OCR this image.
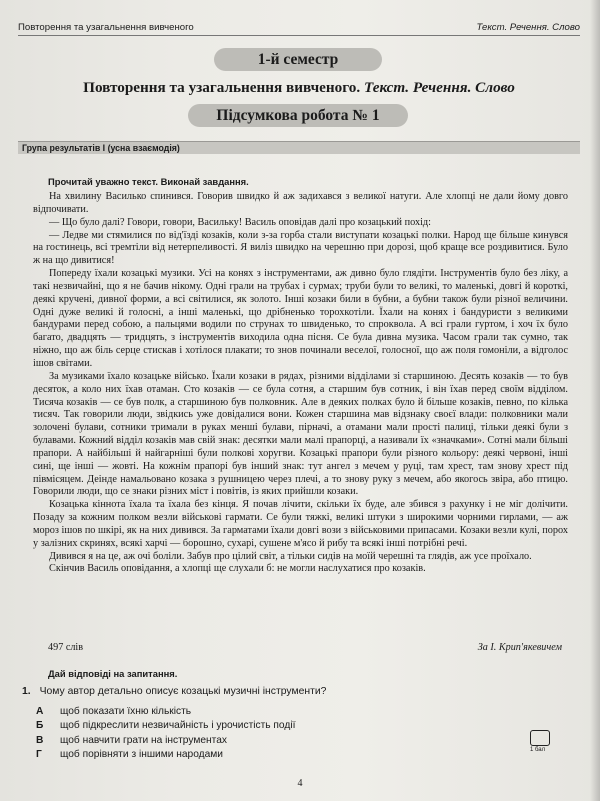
Повторення та узагальнення вивченого	Текст. Речення. Слово
1-й семестр
Повторення та узагальнення вивченого. Текст. Речення. Слово
Підсумкова робота № 1
Група результатів І (усна взаємодія)
Прочитай уважно текст. Виконай завдання.

На хвилину Василько спинився. Говорив швидко й аж задихався з великої натуги. Але хлопці не дали йому довго відпочивати.

— Що було далі? Говори, говори, Васильку! Василь оповідав далі про козацький похід:

— Ледве ми стямилися по від'їзді козаків, коли з-за горба стали виступати козацькі полки. Народ ще більше кинувся на гостинець, всі тремтіли від нетерпеливості. Я виліз швидко на черешню при дорозі, щоб краще все роздивитися. Було ж на що дивитися!

Попереду їхали козацькі музики. Усі на конях з інструментами, аж дивно було глядіти. Інструментів було без ліку, а такі незвичайні, що я не бачив нікому. Одні грали на трубах і сурмах; труби були то великі, то маленькі, довгі й короткі, деякі кручені, дивної форми, а всі світилися, як золото. Інші козаки били в бубни, а бубни також були різної величини. Одні дуже великі й голосні, а інші маленькі, що дрібненько торохкотіли. Їхали на конях і бандуристи з великими бандурами перед собою, а пальцями водили по струнах то швиденько, то спроквола. А всі грали гуртом, і хоч їх було багато, двадцять — тридцять, з інструментів виходила одна пісня. Се була дивна музика. Часом грали так сумно, так ніжно, що аж біль серце стискав і хотілося плакати; то знов починали веселої, голосної, що аж поля гомоніли, а відголос ішов світами.

За музиками їхало козацьке військо. Їхали козаки в рядах, різними відділами зі старшиною. Десять козаків — то був десяток, а коло них їхав отаман. Сто козаків — се була сотня, а старшим був сотник, і він їхав перед своїм відділом. Тисяча козаків — се був полк, а старшиною був полковник. Але в деяких полках було й більше козаків, певно, по кілька тисяч. Так говорили люди, звідкись уже довідалися вони. Кожен старшина мав відзнаку своєї влади: полковники мали золочені булави, сотники тримали в руках менші булави, пірначі, а отамани мали прості палиці, тільки деякі були з булавами. Кожний відділ козаків мав свій знак: десятки мали малі прапорці, а називали їх «значками». Сотні мали більші прапори. А найбільші й найгарніші були полкові хоругви. Козацькі прапори були різного кольору: деякі червоні, інші сині, ще інші — жовті. На кожнім прапорі був інший знак: тут ангел з мечем у руці, там хрест, там знову хрест під півмісяцем. Деінде намальовано козака з рушницею через плечі, а то знову руку з мечем, або якогось звіра, або птицю. Говорили люди, що се знаки різних міст і повітів, із яких прийшли козаки.

Козацька кіннота їхала та їхала без кінця. Я почав лічити, скільки їх буде, але збився з рахунку і не міг долічити. Позаду за кожним полком везли військові гармати. Се були тяжкі, великі штуки з широкими чорними гирлами, — аж мороз ішов по шкірі, як на них дивився. За гарматами їхали довгі вози з військовими припасами. Козаки везли кулі, порох у залізних скринях, всякі харчі — борошно, сухарі, сушене м'ясо й рибу та всякі інші потрібні речі.

Дивився я на це, аж очі боліли. Забув про цілий світ, а тільки сидів на моїй черешні та глядів, аж усе проїхало.

Скінчив Василь оповідання, а хлопці ще слухали б: не могли наслухатися про козаків.

497 слів	За І. Крип'якевичем
Дай відповіді на запитання.
1. Чому автор детально описує козацькі музичні інструменти?
А щоб показати їхню кількість
Б щоб підкреслити незвичайність і урочистість події
В щоб навчити грати на інструментах
Г щоб порівняти з іншими народами	1 бал
4
